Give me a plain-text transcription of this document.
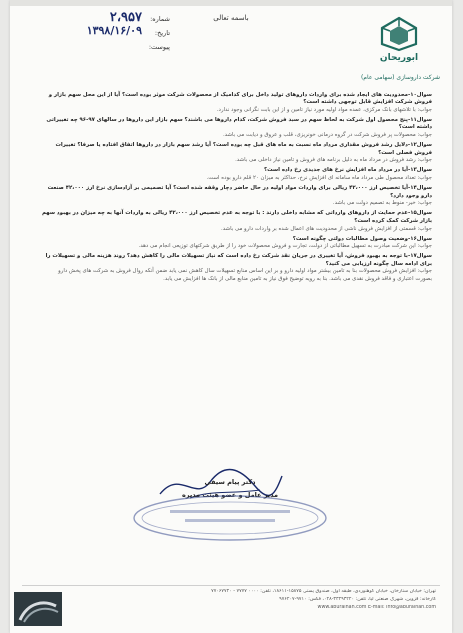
باسمه تعالی
شماره:
۲،۹۵۷
تاریخ:
۱۳۹۸/۱۶/۰۹
پیوست:
ابوریحان
شرکت داروسازی (سهامی عام)
سوال۱۰-محدودیت های ایجاد شده برای واردات داروهای تولید داخل برای کدامیک از محصولات شرکت موثر بوده است؟ آیا از این محل سهم بازار و فروش شرکت افزایش قابل توجهی داشته است؟
جواب: با تلاشهای بانک مرکزی، عمده مواد اولیه مورد نیاز تامین و از این بابت نگرانی وجود ندارد.
سوال۱۱-پنج محصول اول شرکت به لحاظ سهم در سبد فروش شرکت، کدام داروها می باشند؟ سهم بازار این داروها در سالهای ۹۷-۹۶ چه تغییراتی داشته است؟
جواب: محصولات پر فروش شرکت در گروه درمانی خونریزی، قلب و عروق و دیابت می باشد.
سوال۱۲-دلایل رشد فروش مقداری مرداد ماه نسبت به ماه های قبل چه بوده است؟ آیا رشد سهم بازار در داروها اتفاق افتاده یا صرفا؟ تغییرات فروش فصلی است؟
جواب: رشد فروش در مرداد ماه به دلیل برنامه های فروش و تامین نیاز داخلی می باشد.
سوال۱۳-آیا در مرداد ماه افزایش نرخ های جدیدی رخ داده است؟
جواب: تعداد محصول طی مرداد ماه سامانه ای افزایش نرخ، حداکثر به میزان ۲۰ قلم دارو بوده است.
سوال۱۴-آیا تخصیص ارز ۴۲،۰۰۰ ریالی برای واردات مواد اولیه در حال حاضر دچار وقفه شده است؟ آیا تصمیمی بر آزادسازی نرخ ارز ۴۲،۰۰۰ صنعت دارو وجود دارد؟
جواب: خیر- منوط به تصمیم دولت می باشد.
سوال۱۵-عدم حمایت از داروهای وارداتی که مشابه داخلی دارند : با توجه به عدم تخصیص ارز ۴۲،۰۰۰ ریالی به واردات آنها به چه میزان در بهبود سهم بازار شرکت کمک کرده است؟
جواب: قسمتی از افزایش فروش ناشی از محدودیت های اعمال شده بر واردات دارو می باشد.
سوال۱۶-وضعیت وصول مطالبات دولتی چگونه است؟
جواب: این شرکت مبادرت به تسهیل مطالباتی از دولت، تجارت و فروش محصولات خود را از طریق شرکتهای توزیعی انجام می دهد.
سوال۱۷-با توجه به بهبود فروش، آیا تغییری در جریان نقد شرکت رخ داده است که نیاز تسهیلات مالی را کاهش دهد؟ روند هزینه مالی و تسهیلات را برای ادامه سال چگونه ارزیابی می کنید؟
جواب: افزایش فروش محصولات بنا به تامین بیشتر مواد اولیه دارو و بر این اساس منابع تسهیلات سال کاهش نمی یابد ضمن آنکه روال فروش به شرکت های پخش دارو بصورت اعتباری و فاقد فروش نقدی می باشد. بنا به رویه توضیح فوق نیاز به تامین منابع مالی از بانک ها افزایش می یابد.
دکتر پیام سیفی
مدیر عامل و عضو هیئت مدیره
تهران: خیابان ستارخان، خیابان کوهنوردی، طبقه اول، صندوق پستی ۱۵۸۷۵-۱۸۶۱۱، تلفن: ۰۰۰۰ ۷۷۷۷ - ۷۷۰۶۷۷۲۰
کارخانه: قزوین، شهرک صنعتی لیا، تلفن: ۳۳۲۹۴۲۲۰-۰۲۸، فکس: ۹۷۱۰-۹۷۶۲۰۷
www.aburaihan.com E-mail: info@aburaihan.com
